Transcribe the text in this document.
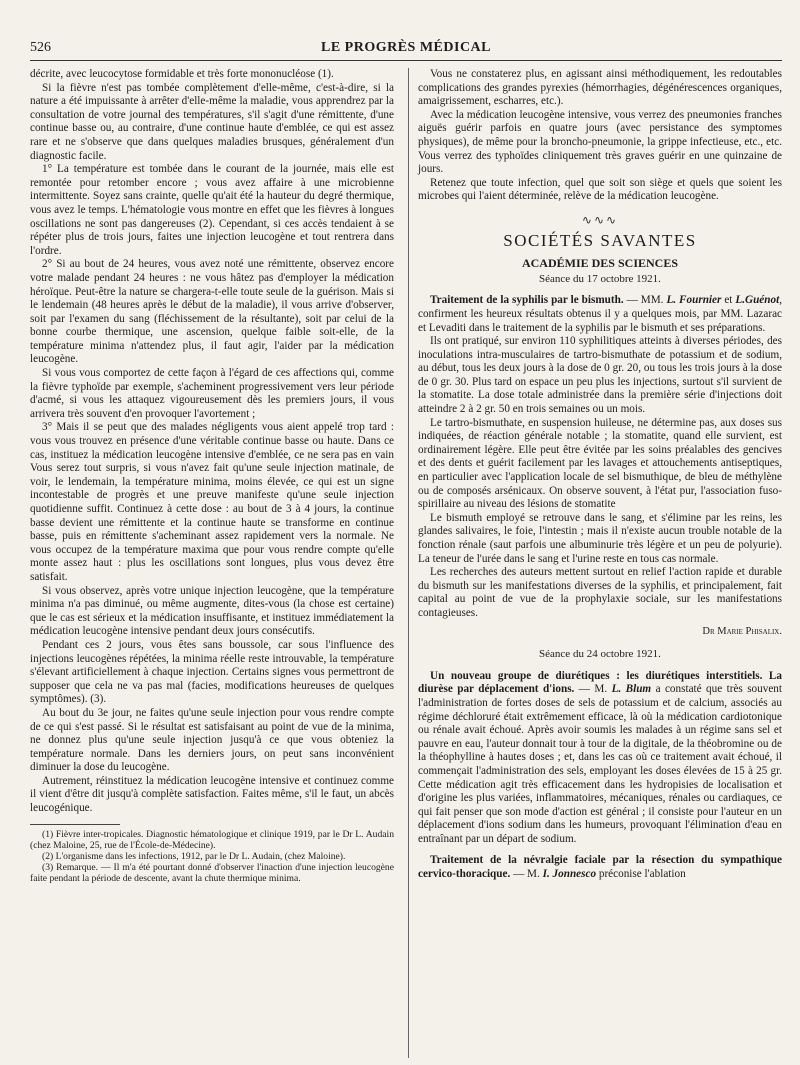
526	LE PROGRÈS MÉDICAL

décrite, avec leucocytose formidable et très forte mononucléose (1).

Si la fièvre n'est pas tombée complètement d'elle-même, c'est-à-dire, si la nature a été impuissante à arrêter d'elle-même la maladie, vous apprendrez par la consultation de votre journal des températures, s'il s'agit d'une rémittente, d'une continue basse ou, au contraire, d'une continue haute d'emblée, ce qui est assez rare et ne s'observe que dans quelques maladies brusques, généralement d'un diagnostic facile.

1° La température est tombée dans le courant de la journée, mais elle est remontée pour retomber encore ; vous avez affaire à une microbienne intermittente. Soyez sans crainte, quelle qu'ait été la hauteur du degré thermique, vous avez le temps. L'hématologie vous montre en effet que les fièvres à longues oscillations ne sont pas dangereuses (2). Cependant, si ces accès tendaient à se répéter plus de trois jours, faites une injection leucogène et tout rentrera dans l'ordre.

2° Si au bout de 24 heures, vous avez noté une rémittente, observez encore votre malade pendant 24 heures : ne vous hâtez pas d'employer la médication héroïque. Peut-être la nature se chargera-t-elle toute seule de la guérison. Mais si le lendemain (48 heures après le début de la maladie), il vous arrive d'observer, soit par l'examen du sang (fléchissement de la résultante), soit par celui de la bonne courbe thermique, une ascension, quelque faible soit-elle, de la température minima n'attendez plus, il faut agir, l'aider par la médication leucogène.

Si vous vous comportez de cette façon à l'égard de ces affections qui, comme la fièvre typhoïde par exemple, s'acheminent progressivement vers leur période d'acmé, si vous les attaquez vigoureusement dès les premiers jours, il vous arrivera très souvent d'en provoquer l'avortement ;

3° Mais il se peut que des malades négligents vous aient appelé trop tard : vous vous trouvez en présence d'une véritable continue basse ou haute. Dans ce cas, instituez la médication leucogène intensive d'emblée, ce ne sera pas en vain Vous serez tout surpris, si vous n'avez fait qu'une seule injection matinale, de voir, le lendemain, la température minima, moins élevée, ce qui est un signe incontestable de progrès et une preuve manifeste qu'une seule injection quotidienne suffit. Continuez à cette dose : au bout de 3 à 4 jours, la continue basse devient une rémittente et la continue haute se transforme en continue basse, puis en rémittente s'acheminant assez rapidement vers la normale. Ne vous occupez de la température maxima que pour vous rendre compte qu'elle monte assez haut : plus les oscillations sont longues, plus vous devez être satisfait.

Si vous observez, après votre unique injection leucogène, que la température minima n'a pas diminué, ou même augmente, dites-vous (la chose est certaine) que le cas est sérieux et la médication insuffisante, et instituez immédiatement la médication leucogène intensive pendant deux jours consécutifs.

Pendant ces 2 jours, vous êtes sans boussole, car sous l'influence des injections leucogènes répétées, la minima réelle reste introuvable, la température s'élevant artificiellement à chaque injection. Certains signes vous permettront de supposer que cela ne va pas mal (facies, modifications heureuses de quelques symptômes). (3).

Au bout du 3e jour, ne faites qu'une seule injection pour vous rendre compte de ce qui s'est passé. Si le résultat est satisfaisant au point de vue de la minima, ne donnez plus qu'une seule injection jusqu'à ce que vous obteniez la température normale. Dans les derniers jours, on peut sans inconvénient diminuer la dose du leucogène.

Autrement, réinstituez la médication leucogène intensive et continuez comme il vient d'être dit jusqu'à complète satisfaction. Faites même, s'il le faut, un abcès leucogénique.

(1) Fièvre inter-tropicales. Diagnostic hématologique et clinique 1919, par le Dr L. Audain (chez Maloine, 25, rue de l'École-de-Médecine).

(2) L'organisme dans les infections, 1912, par le Dr L. Audain, (chez Maloine).

(3) Remarque. — Il m'a été pourtant donné d'observer l'inaction d'une injection leucogène faite pendant la période de descente, avant la chute thermique minima.

Vous ne constaterez plus, en agissant ainsi méthodiquement, les redoutables complications des grandes pyrexies (hémorrhagies, dégénérescences organiques, amaigrissement, escharres, etc.).

Avec la médication leucogène intensive, vous verrez des pneumonies franches aiguës guérir parfois en quatre jours (avec persistance des symptomes physiques), de même pour la broncho-pneumonie, la grippe infectieuse, etc., etc. Vous verrez des typhoïdes cliniquement très graves guérir en une quinzaine de jours.

Retenez que toute infection, quel que soit son siège et quels que soient les microbes qui l'aient déterminée, relève de la médication leucogène.

∿∿∿
SOCIÉTÉS SAVANTES
ACADÉMIE DES SCIENCES
Séance du 17 octobre 1921.

Traitement de la syphilis par le bismuth. — MM. L. Fournier et L.Guénot, confirment les heureux résultats obtenus il y a quelques mois, par MM. Lazarac et Levaditi dans le traitement de la syphilis par le bismuth et ses préparations.

Ils ont pratiqué, sur environ 110 syphilitiques atteints à diverses périodes, des inoculations intra-musculaires de tartro-bismuthate de potassium et de sodium, au début, tous les deux jours à la dose de 0 gr. 20, ou tous les trois jours à la dose de 0 gr. 30. Plus tard on espace un peu plus les injections, surtout s'il survient de la stomatite. La dose totale administrée dans la première série d'injections doit atteindre 2 à 2 gr. 50 en trois semaines ou un mois.

Le tartro-bismuthate, en suspension huileuse, ne détermine pas, aux doses sus indiquées, de réaction générale notable ; la stomatite, quand elle survient, est ordinairement légère. Elle peut être évitée par les soins préalables des gencives et des dents et guérit facilement par les lavages et attouchements antiseptiques, en particulier avec l'application locale de sel bismuthique, de bleu de méthylène ou de composés arsénicaux. On observe souvent, à l'état pur, l'association fuso-spirillaire au niveau des lésions de stomatite

Le bismuth employé se retrouve dans le sang, et s'élimine par les reins, les glandes salivaires, le foie, l'intestin ; mais il n'existe aucun trouble notable de la fonction rénale (saut parfois une albuminurie très légère et un peu de polyurie). La teneur de l'urée dans le sang et l'urine reste en tous cas normale.

Les recherches des auteurs mettent surtout en relief l'action rapide et durable du bismuth sur les manifestations diverses de la syphilis, et principalement, fait capital au point de vue de la prophylaxie sociale, sur les manifestations contagieuses.

Dr Marie Phisalix.
Séance du 24 octobre 1921.

Un nouveau groupe de diurétiques : les diurétiques interstitiels. La diurèse par déplacement d'ions. — M. L. Blum a constaté que très souvent l'administration de fortes doses de sels de potassium et de calcium, associés au régime déchloruré était extrêmement efficace, là où la médication cardiotonique ou rénale avait échoué. Après avoir soumis les malades à un régime sans sel et pauvre en eau, l'auteur donnait tour à tour de la digitale, de la théobromine ou de la théophylline à hautes doses ; et, dans les cas où ce traitement avait échoué, il commençait l'administration des sels, employant les doses élevées de 15 à 25 gr. Cette médication agit très efficacement dans les hydropisies de localisation et d'origine les plus variées, inflammatoires, mécaniques, rénales ou cardiaques, ce qui fait penser que son mode d'action est général ; il consiste pour l'auteur en un déplacement d'ions sodium dans les humeurs, provoquant l'élimination d'eau en entraînant par un départ de sodium.

Traitement de la névralgie faciale par la résection du sympathique cervico-thoracique. — M. I. Jonnesco préconise l'ablation
